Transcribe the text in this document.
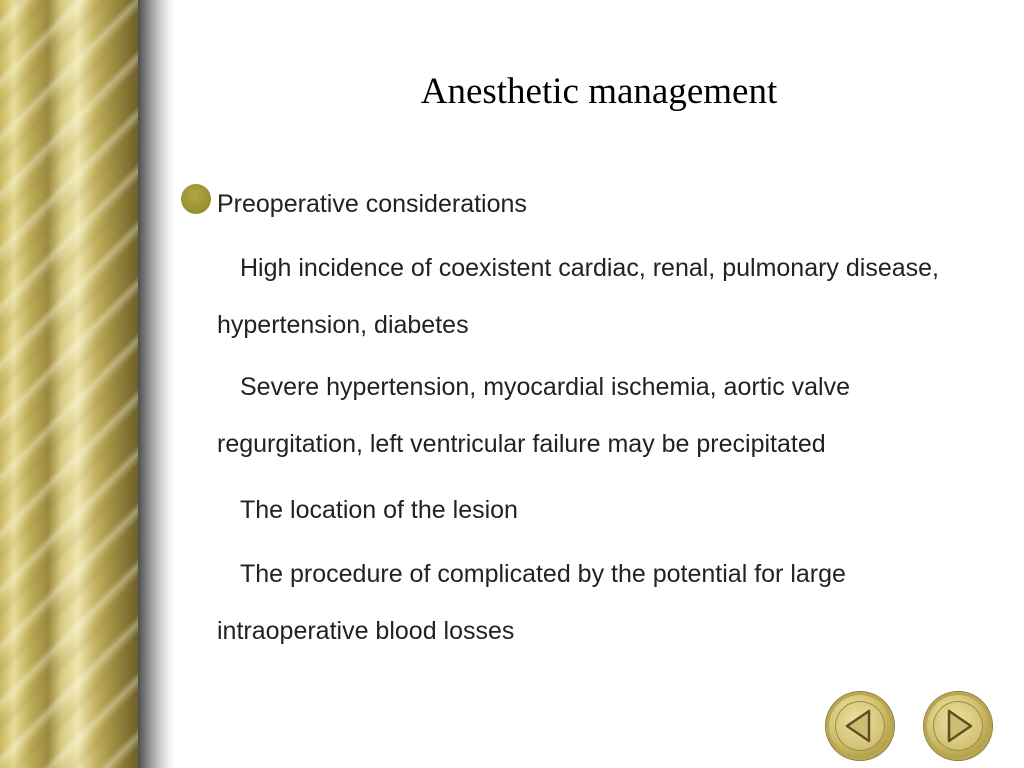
Anesthetic management
Preoperative considerations
High incidence of coexistent cardiac, renal, pulmonary disease, hypertension, diabetes
Severe hypertension, myocardial ischemia, aortic valve regurgitation, left ventricular failure may be precipitated
The location of the lesion
The procedure of complicated by the potential for large intraoperative blood losses
